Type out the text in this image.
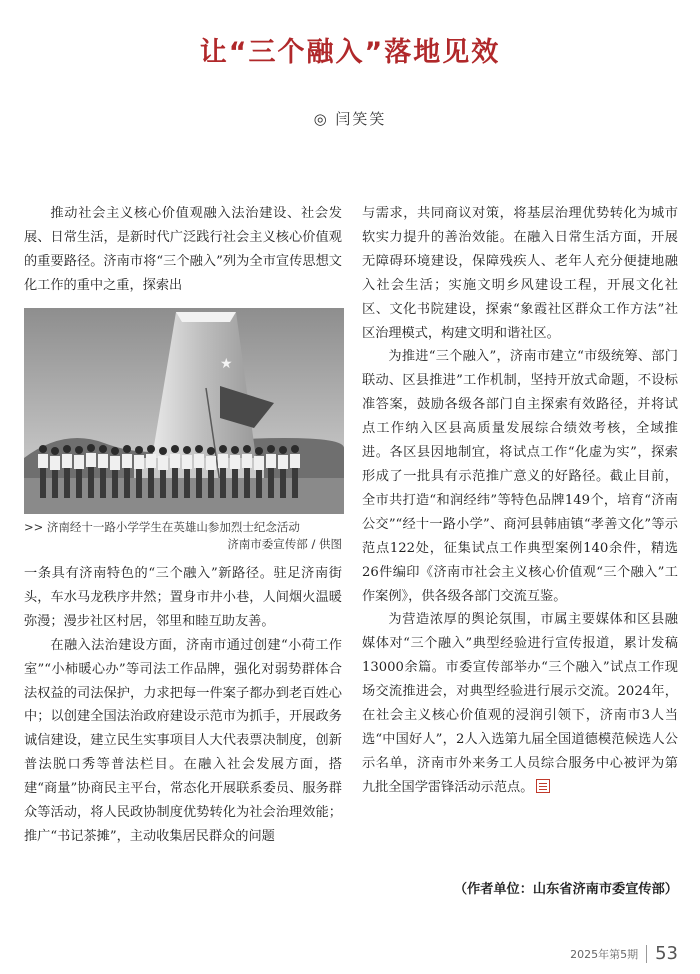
让“三个融入”落地见效
◎ 闫笑笑

推动社会主义核心价值观融入法治建设、社会发展、日常生活，是新时代广泛践行社会主义核心价值观的重要路径。济南市将“三个融入”列为全市宣传思想文化工作的重中之重，探索出

★
>> 济南经十一路小学学生在英雄山参加烈士纪念活动
济南市委宣传部 / 供图

一条具有济南特色的“三个融入”新路径。驻足济南街头，车水马龙秩序井然；置身市井小巷，人间烟火温暖弥漫；漫步社区村居，邻里和睦互助友善。

在融入法治建设方面，济南市通过创建“小荷工作室”“小柿暖心办”等司法工作品牌，强化对弱势群体合法权益的司法保护，力求把每一件案子都办到老百姓心中；以创建全国法治政府建设示范市为抓手，开展政务诚信建设，建立民生实事项目人大代表票决制度，创新普法脱口秀等普法栏目。在融入社会发展方面，搭建“商量”协商民主平台，常态化开展联系委员、服务群众等活动，将人民政协制度优势转化为社会治理效能；推广“书记茶摊”，主动收集居民群众的问题

与需求，共同商议对策，将基层治理优势转化为城市软实力提升的善治效能。在融入日常生活方面，开展无障碍环境建设，保障残疾人、老年人充分便捷地融入社会生活；实施文明乡风建设工程，开展文化社区、文化书院建设，探索“象霞社区群众工作方法”社区治理模式，构建文明和谐社区。

为推进“三个融入”，济南市建立“市级统筹、部门联动、区县推进”工作机制，坚持开放式命题，不设标准答案，鼓励各级各部门自主探索有效路径，并将试点工作纳入区县高质量发展综合绩效考核，全域推进。各区县因地制宜，将试点工作“化虚为实”，探索形成了一批具有示范推广意义的好路径。截止目前，全市共打造“和润经纬”等特色品牌149个，培育“济南公交”“经十一路小学”、商河县韩庙镇“孝善文化”等示范点122处，征集试点工作典型案例140余件，精选26件编印《济南市社会主义核心价值观“三个融入”工作案例》，供各级各部门交流互鉴。

为营造浓厚的舆论氛围，市属主要媒体和区县融媒体对“三个融入”典型经验进行宣传报道，累计发稿13000余篇。市委宣传部举办“三个融入”试点工作现场交流推进会，对典型经验进行展示交流。2024年，在社会主义核心价值观的浸润引领下，济南市3人当选“中国好人”，2人入选第九届全国道德模范候选人公示名单，济南市外来务工人员综合服务中心被评为第九批全国学雷锋活动示范点。

（作者单位：山东省济南市委宣传部）
2025年第5期 53
